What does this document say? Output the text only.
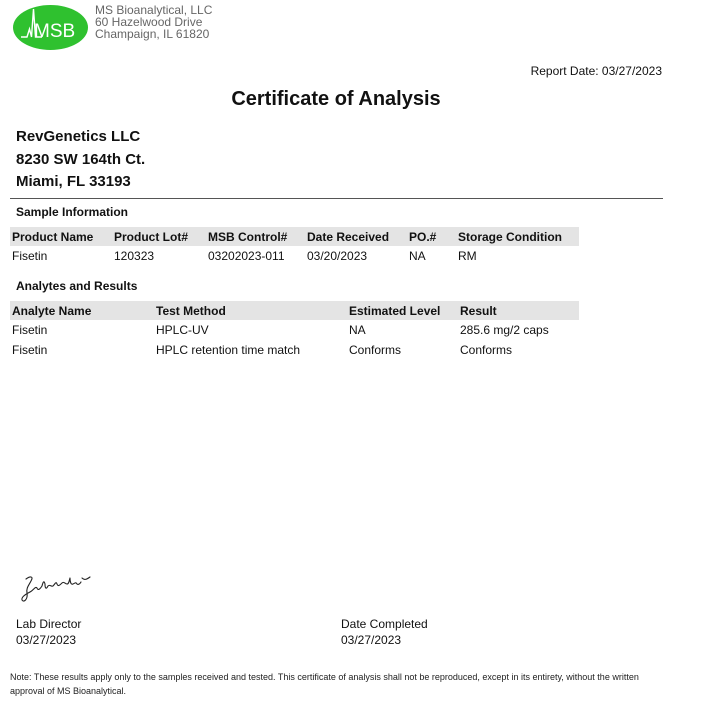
MSB
MS Bioanalytical, LLC
60 Hazelwood Drive
Champaign, IL 61820
Report Date: 03/27/2023
Certificate of Analysis
RevGenetics LLC
8230 SW 164th Ct.
Miami, FL 33193
Sample Information
Product Name	Product Lot#	MSB Control#	Date Received	PO.#	Storage Condition
Fisetin	120323	03202023-011	03/20/2023	NA	RM
Analytes and Results
Analyte Name	Test Method	Estimated Level	Result
Fisetin	HPLC-UV	NA	285.6 mg/2 caps
Fisetin	HPLC retention time match	Conforms	Conforms
Lab Director
03/27/2023
Date Completed
03/27/2023
Note: These results apply only to the samples received and tested. This certificate of analysis shall not be reproduced, except in its entirety, without the written approval of MS Bioanalytical.
